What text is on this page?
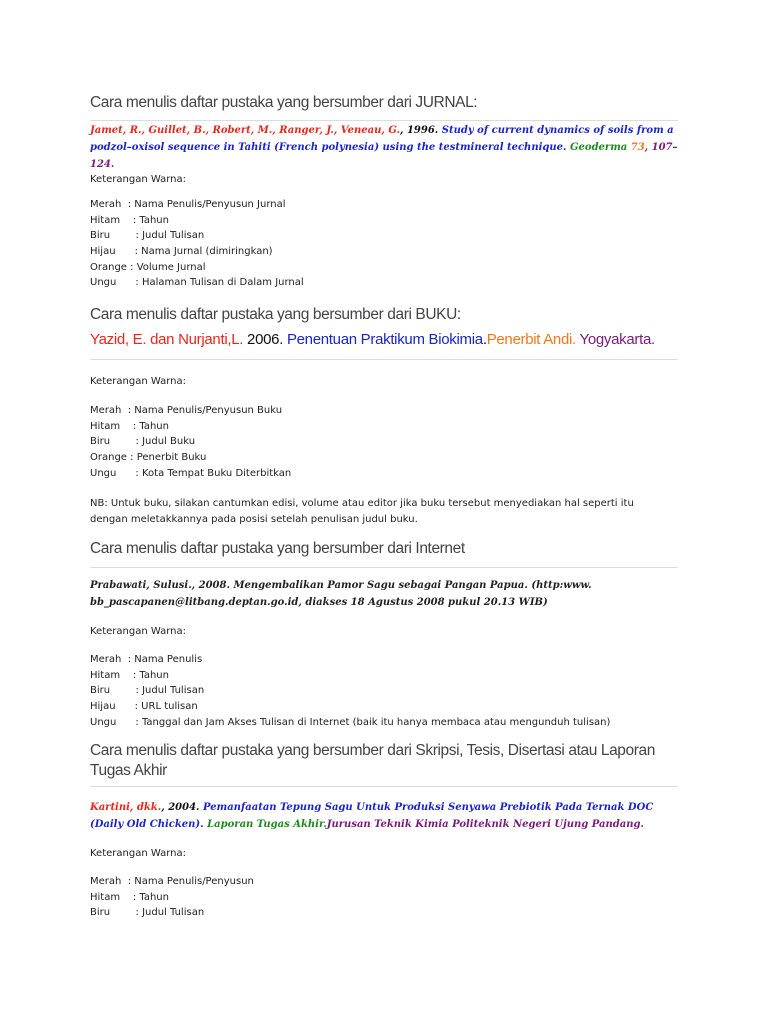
Cara menulis daftar pustaka yang bersumber dari JURNAL:

Jamet, R., Guillet, B., Robert, M., Ranger, J., Veneau, G., 1996. Study of current dynamics of soils from a podzol–oxisol sequence in Tahiti (French polynesia) using the testmineral technique. Geoderma 73, 107–124.

Keterangan Warna:

Merah : Nama Penulis/Penyusun Jurnal
Hitam : Tahun
Biru	: Judul Tulisan
Hijau : Nama Jurnal (dimiringkan)
Orange : Volume Jurnal
Ungu : Halaman Tulisan di Dalam Jurnal
Cara menulis daftar pustaka yang bersumber dari BUKU:

Yazid, E. dan Nurjanti,L. 2006. Penentuan Praktikum Biokimia.Penerbit Andi. Yogyakarta.

Keterangan Warna:

Merah : Nama Penulis/Penyusun Buku
Hitam : Tahun
Biru	: Judul Buku
Orange : Penerbit Buku
Ungu : Kota Tempat Buku Diterbitkan

NB: Untuk buku, silakan cantumkan edisi, volume atau editor jika buku tersebut menyediakan hal seperti itu dengan meletakkannya pada posisi setelah penulisan judul buku.

Cara menulis daftar pustaka yang bersumber dari Internet

Prabawati, Sulusi., 2008. Mengembalikan Pamor Sagu sebagai Pangan Papua. (http:www. bb_pascapanen@litbang.deptan.go.id, diakses 18 Agustus 2008 pukul 20.13 WIB)

Keterangan Warna:

Merah : Nama Penulis
Hitam : Tahun
Biru	: Judul Tulisan
Hijau : URL tulisan
Ungu : Tanggal dan Jam Akses Tulisan di Internet (baik itu hanya membaca atau mengunduh tulisan)
Cara menulis daftar pustaka yang bersumber dari Skripsi, Tesis, Disertasi atau Laporan Tugas Akhir

Kartini, dkk., 2004. Pemanfaatan Tepung Sagu Untuk Produksi Senyawa Prebiotik Pada Ternak DOC (Daily Old Chicken). Laporan Tugas Akhir.Jurusan Teknik Kimia Politeknik Negeri Ujung Pandang.

Keterangan Warna:

Merah : Nama Penulis/Penyusun
Hitam : Tahun
Biru	: Judul Tulisan
